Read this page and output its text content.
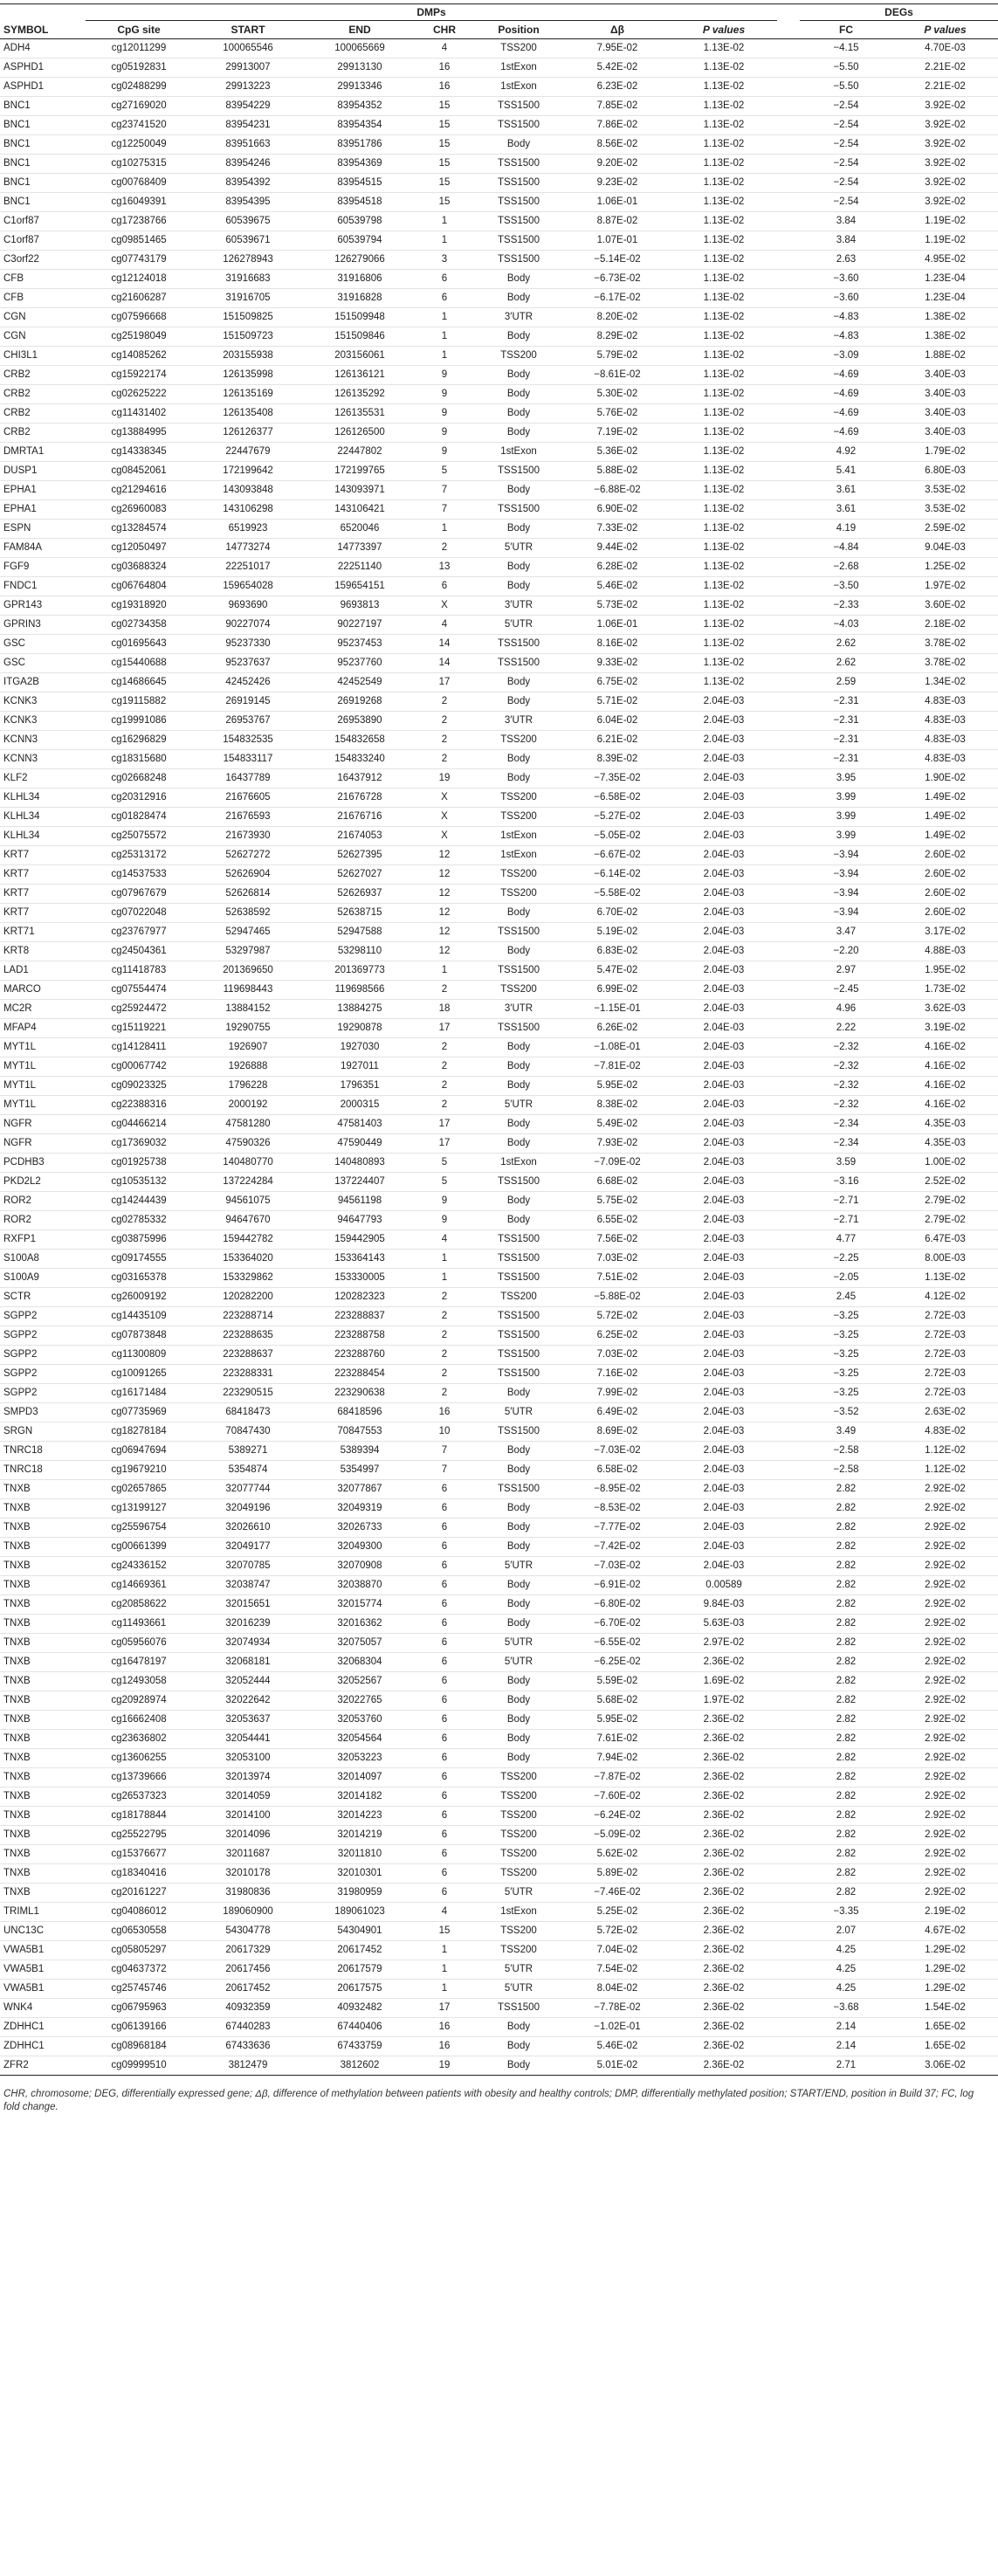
	DMPs								DEGs	
SYMBOL	CpG site	START	END	CHR	Position	Δβ	P values		FC	P values
ADH4	cg12011299	100065546	100065669	4	TSS200	7.95E-02	1.13E-02		−4.15	4.70E-03
ASPHD1	cg05192831	29913007	29913130	16	1stExon	5.42E-02	1.13E-02		−5.50	2.21E-02
ASPHD1	cg02488299	29913223	29913346	16	1stExon	6.23E-02	1.13E-02		−5.50	2.21E-02
BNC1	cg27169020	83954229	83954352	15	TSS1500	7.85E-02	1.13E-02		−2.54	3.92E-02
BNC1	cg23741520	83954231	83954354	15	TSS1500	7.86E-02	1.13E-02		−2.54	3.92E-02
BNC1	cg12250049	83951663	83951786	15	Body	8.56E-02	1.13E-02		−2.54	3.92E-02
BNC1	cg10275315	83954246	83954369	15	TSS1500	9.20E-02	1.13E-02		−2.54	3.92E-02
BNC1	cg00768409	83954392	83954515	15	TSS1500	9.23E-02	1.13E-02		−2.54	3.92E-02
BNC1	cg16049391	83954395	83954518	15	TSS1500	1.06E-01	1.13E-02		−2.54	3.92E-02
C1orf87	cg17238766	60539675	60539798	1	TSS1500	8.87E-02	1.13E-02		3.84	1.19E-02
C1orf87	cg09851465	60539671	60539794	1	TSS1500	1.07E-01	1.13E-02		3.84	1.19E-02
C3orf22	cg07743179	126278943	126279066	3	TSS1500	−5.14E-02	1.13E-02		2.63	4.95E-02
CFB	cg12124018	31916683	31916806	6	Body	−6.73E-02	1.13E-02		−3.60	1.23E-04
CFB	cg21606287	31916705	31916828	6	Body	−6.17E-02	1.13E-02		−3.60	1.23E-04
CGN	cg07596668	151509825	151509948	1	3′UTR	8.20E-02	1.13E-02		−4.83	1.38E-02
CGN	cg25198049	151509723	151509846	1	Body	8.29E-02	1.13E-02		−4.83	1.38E-02
CHI3L1	cg14085262	203155938	203156061	1	TSS200	5.79E-02	1.13E-02		−3.09	1.88E-02
CRB2	cg15922174	126135998	126136121	9	Body	−8.61E-02	1.13E-02		−4.69	3.40E-03
CRB2	cg02625222	126135169	126135292	9	Body	5.30E-02	1.13E-02		−4.69	3.40E-03
CRB2	cg11431402	126135408	126135531	9	Body	5.76E-02	1.13E-02		−4.69	3.40E-03
CRB2	cg13884995	126126377	126126500	9	Body	7.19E-02	1.13E-02		−4.69	3.40E-03
DMRTA1	cg14338345	22447679	22447802	9	1stExon	5.36E-02	1.13E-02		4.92	1.79E-02
DUSP1	cg08452061	172199642	172199765	5	TSS1500	5.88E-02	1.13E-02		5.41	6.80E-03
EPHA1	cg21294616	143093848	143093971	7	Body	−6.88E-02	1.13E-02		3.61	3.53E-02
EPHA1	cg26960083	143106298	143106421	7	TSS1500	6.90E-02	1.13E-02		3.61	3.53E-02
ESPN	cg13284574	6519923	6520046	1	Body	7.33E-02	1.13E-02		4.19	2.59E-02
FAM84A	cg12050497	14773274	14773397	2	5′UTR	9.44E-02	1.13E-02		−4.84	9.04E-03
FGF9	cg03688324	22251017	22251140	13	Body	6.28E-02	1.13E-02		−2.68	1.25E-02
FNDC1	cg06764804	159654028	159654151	6	Body	5.46E-02	1.13E-02		−3.50	1.97E-02
GPR143	cg19318920	9693690	9693813	X	3′UTR	5.73E-02	1.13E-02		−2.33	3.60E-02
GPRIN3	cg02734358	90227074	90227197	4	5′UTR	1.06E-01	1.13E-02		−4.03	2.18E-02
GSC	cg01695643	95237330	95237453	14	TSS1500	8.16E-02	1.13E-02		2.62	3.78E-02
GSC	cg15440688	95237637	95237760	14	TSS1500	9.33E-02	1.13E-02		2.62	3.78E-02
ITGA2B	cg14686645	42452426	42452549	17	Body	6.75E-02	1.13E-02		2.59	1.34E-02
KCNK3	cg19115882	26919145	26919268	2	Body	5.71E-02	2.04E-03		−2.31	4.83E-03
KCNK3	cg19991086	26953767	26953890	2	3′UTR	6.04E-02	2.04E-03		−2.31	4.83E-03
KCNN3	cg16296829	154832535	154832658	2	TSS200	6.21E-02	2.04E-03		−2.31	4.83E-03
KCNN3	cg18315680	154833117	154833240	2	Body	8.39E-02	2.04E-03		−2.31	4.83E-03
KLF2	cg02668248	16437789	16437912	19	Body	−7.35E-02	2.04E-03		3.95	1.90E-02
KLHL34	cg20312916	21676605	21676728	X	TSS200	−6.58E-02	2.04E-03		3.99	1.49E-02
KLHL34	cg01828474	21676593	21676716	X	TSS200	−5.27E-02	2.04E-03		3.99	1.49E-02
KLHL34	cg25075572	21673930	21674053	X	1stExon	−5.05E-02	2.04E-03		3.99	1.49E-02
KRT7	cg25313172	52627272	52627395	12	1stExon	−6.67E-02	2.04E-03		−3.94	2.60E-02
KRT7	cg14537533	52626904	52627027	12	TSS200	−6.14E-02	2.04E-03		−3.94	2.60E-02
KRT7	cg07967679	52626814	52626937	12	TSS200	−5.58E-02	2.04E-03		−3.94	2.60E-02
KRT7	cg07022048	52638592	52638715	12	Body	6.70E-02	2.04E-03		−3.94	2.60E-02
KRT71	cg23767977	52947465	52947588	12	TSS1500	5.19E-02	2.04E-03		3.47	3.17E-02
KRT8	cg24504361	53297987	53298110	12	Body	6.83E-02	2.04E-03		−2.20	4.88E-03
LAD1	cg11418783	201369650	201369773	1	TSS1500	5.47E-02	2.04E-03		2.97	1.95E-02
MARCO	cg07554474	119698443	119698566	2	TSS200	6.99E-02	2.04E-03		−2.45	1.73E-02
MC2R	cg25924472	13884152	13884275	18	3′UTR	−1.15E-01	2.04E-03		4.96	3.62E-03
MFAP4	cg15119221	19290755	19290878	17	TSS1500	6.26E-02	2.04E-03		2.22	3.19E-02
MYT1L	cg14128411	1926907	1927030	2	Body	−1.08E-01	2.04E-03		−2.32	4.16E-02
MYT1L	cg00067742	1926888	1927011	2	Body	−7.81E-02	2.04E-03		−2.32	4.16E-02
MYT1L	cg09023325	1796228	1796351	2	Body	5.95E-02	2.04E-03		−2.32	4.16E-02
MYT1L	cg22388316	2000192	2000315	2	5′UTR	8.38E-02	2.04E-03		−2.32	4.16E-02
NGFR	cg04466214	47581280	47581403	17	Body	5.49E-02	2.04E-03		−2.34	4.35E-03
NGFR	cg17369032	47590326	47590449	17	Body	7.93E-02	2.04E-03		−2.34	4.35E-03
PCDHB3	cg01925738	140480770	140480893	5	1stExon	−7.09E-02	2.04E-03		3.59	1.00E-02
PKD2L2	cg10535132	137224284	137224407	5	TSS1500	6.68E-02	2.04E-03		−3.16	2.52E-02
ROR2	cg14244439	94561075	94561198	9	Body	5.75E-02	2.04E-03		−2.71	2.79E-02
ROR2	cg02785332	94647670	94647793	9	Body	6.55E-02	2.04E-03		−2.71	2.79E-02
RXFP1	cg03875996	159442782	159442905	4	TSS1500	7.56E-02	2.04E-03		4.77	6.47E-03
S100A8	cg09174555	153364020	153364143	1	TSS1500	7.03E-02	2.04E-03		−2.25	8.00E-03
S100A9	cg03165378	153329862	153330005	1	TSS1500	7.51E-02	2.04E-03		−2.05	1.13E-02
SCTR	cg26009192	120282200	120282323	2	TSS200	−5.88E-02	2.04E-03		2.45	4.12E-02
SGPP2	cg14435109	223288714	223288837	2	TSS1500	5.72E-02	2.04E-03		−3.25	2.72E-03
SGPP2	cg07873848	223288635	223288758	2	TSS1500	6.25E-02	2.04E-03		−3.25	2.72E-03
SGPP2	cg11300809	223288637	223288760	2	TSS1500	7.03E-02	2.04E-03		−3.25	2.72E-03
SGPP2	cg10091265	223288331	223288454	2	TSS1500	7.16E-02	2.04E-03		−3.25	2.72E-03
SGPP2	cg16171484	223290515	223290638	2	Body	7.99E-02	2.04E-03		−3.25	2.72E-03
SMPD3	cg07735969	68418473	68418596	16	5′UTR	6.49E-02	2.04E-03		−3.52	2.63E-02
SRGN	cg18278184	70847430	70847553	10	TSS1500	8.69E-02	2.04E-03		3.49	4.83E-02
TNRC18	cg06947694	5389271	5389394	7	Body	−7.03E-02	2.04E-03		−2.58	1.12E-02
TNRC18	cg19679210	5354874	5354997	7	Body	6.58E-02	2.04E-03		−2.58	1.12E-02
TNXB	cg02657865	32077744	32077867	6	TSS1500	−8.95E-02	2.04E-03		2.82	2.92E-02
TNXB	cg13199127	32049196	32049319	6	Body	−8.53E-02	2.04E-03		2.82	2.92E-02
TNXB	cg25596754	32026610	32026733	6	Body	−7.77E-02	2.04E-03		2.82	2.92E-02
TNXB	cg00661399	32049177	32049300	6	Body	−7.42E-02	2.04E-03		2.82	2.92E-02
TNXB	cg24336152	32070785	32070908	6	5′UTR	−7.03E-02	2.04E-03		2.82	2.92E-02
TNXB	cg14669361	32038747	32038870	6	Body	−6.91E-02	0.00589		2.82	2.92E-02
TNXB	cg20858622	32015651	32015774	6	Body	−6.80E-02	9.84E-03		2.82	2.92E-02
TNXB	cg11493661	32016239	32016362	6	Body	−6.70E-02	5.63E-03		2.82	2.92E-02
TNXB	cg05956076	32074934	32075057	6	5′UTR	−6.55E-02	2.97E-02		2.82	2.92E-02
TNXB	cg16478197	32068181	32068304	6	5′UTR	−6.25E-02	2.36E-02		2.82	2.92E-02
TNXB	cg12493058	32052444	32052567	6	Body	5.59E-02	1.69E-02		2.82	2.92E-02
TNXB	cg20928974	32022642	32022765	6	Body	5.68E-02	1.97E-02		2.82	2.92E-02
TNXB	cg16662408	32053637	32053760	6	Body	5.95E-02	2.36E-02		2.82	2.92E-02
TNXB	cg23636802	32054441	32054564	6	Body	7.61E-02	2.36E-02		2.82	2.92E-02
TNXB	cg13606255	32053100	32053223	6	Body	7.94E-02	2.36E-02		2.82	2.92E-02
TNXB	cg13739666	32013974	32014097	6	TSS200	−7.87E-02	2.36E-02		2.82	2.92E-02
TNXB	cg26537323	32014059	32014182	6	TSS200	−7.60E-02	2.36E-02		2.82	2.92E-02
TNXB	cg18178844	32014100	32014223	6	TSS200	−6.24E-02	2.36E-02		2.82	2.92E-02
TNXB	cg25522795	32014096	32014219	6	TSS200	−5.09E-02	2.36E-02		2.82	2.92E-02
TNXB	cg15376677	32011687	32011810	6	TSS200	5.62E-02	2.36E-02		2.82	2.92E-02
TNXB	cg18340416	32010178	32010301	6	TSS200	5.89E-02	2.36E-02		2.82	2.92E-02
TNXB	cg20161227	31980836	31980959	6	5′UTR	−7.46E-02	2.36E-02		2.82	2.92E-02
TRIML1	cg04086012	189060900	189061023	4	1stExon	5.25E-02	2.36E-02		−3.35	2.19E-02
UNC13C	cg06530558	54304778	54304901	15	TSS200	5.72E-02	2.36E-02		2.07	4.67E-02
VWA5B1	cg05805297	20617329	20617452	1	TSS200	7.04E-02	2.36E-02		4.25	1.29E-02
VWA5B1	cg04637372	20617456	20617579	1	5′UTR	7.54E-02	2.36E-02		4.25	1.29E-02
VWA5B1	cg25745746	20617452	20617575	1	5′UTR	8.04E-02	2.36E-02		4.25	1.29E-02
WNK4	cg06795963	40932359	40932482	17	TSS1500	−7.78E-02	2.36E-02		−3.68	1.54E-02
ZDHHC1	cg06139166	67440283	67440406	16	Body	−1.02E-01	2.36E-02		2.14	1.65E-02
ZDHHC1	cg08968184	67433636	67433759	16	Body	5.46E-02	2.36E-02		2.14	1.65E-02
ZFR2	cg09999510	3812479	3812602	19	Body	5.01E-02	2.36E-02		2.71	3.06E-02
CHR, chromosome; DEG, differentially expressed gene; Δβ, difference of methylation between patients with obesity and healthy controls; DMP, differentially methylated position; START/END, position in Build 37; FC, log fold change.
